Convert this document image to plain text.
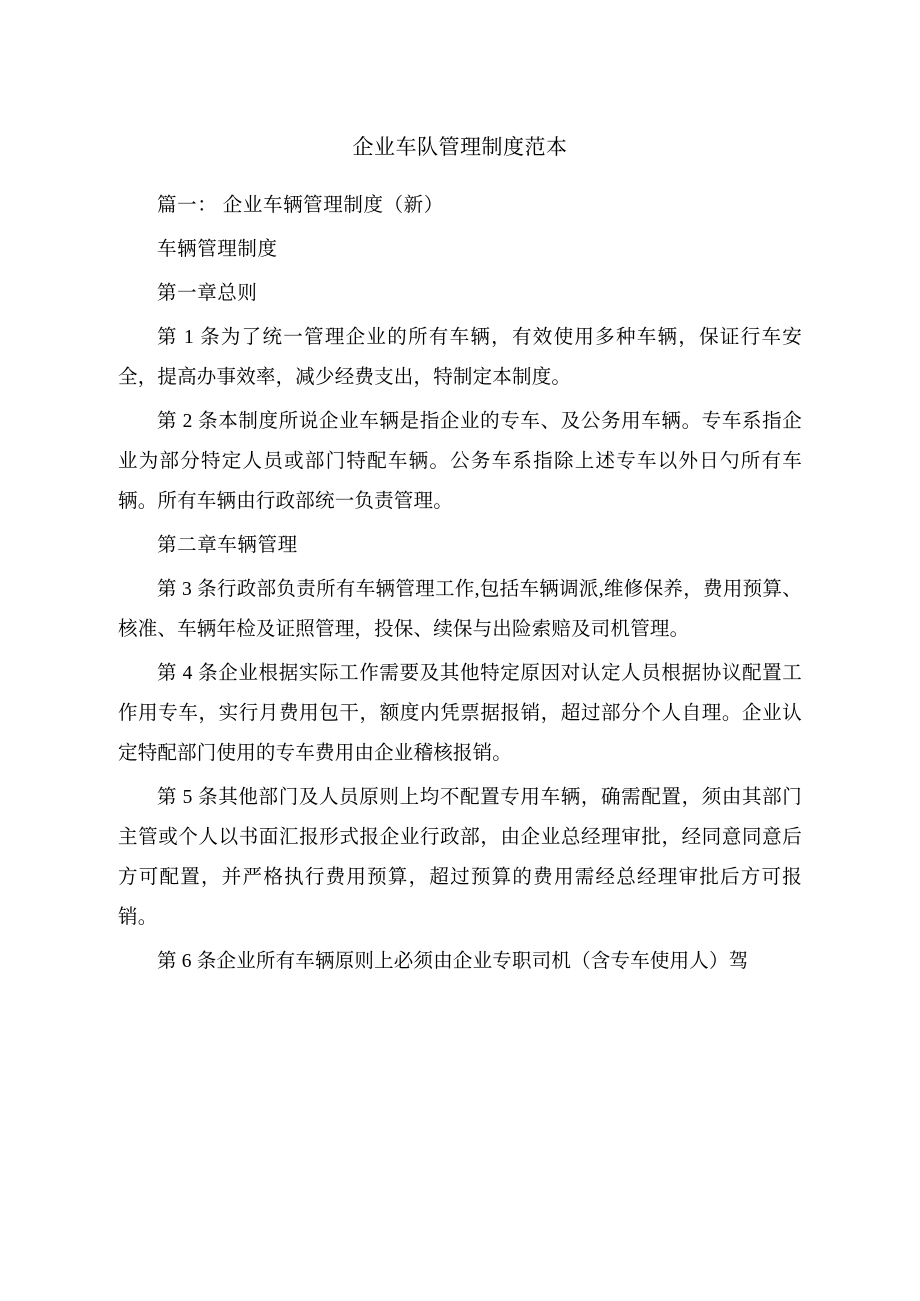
企业车队管理制度范本

篇一： 企业车辆管理制度（新）

车辆管理制度

第一章总则

第 1 条为了统一管理企业的所有车辆，有效使用多种车辆，保证行车安全，提高办事效率，减少经费支出，特制定本制度。

第 2 条本制度所说企业车辆是指企业的专车、及公务用车辆。专车系指企业为部分特定人员或部门特配车辆。公务车系指除上述专车以外日勺所有车辆。所有车辆由行政部统一负责管理。

第二章车辆管理

第 3 条行政部负责所有车辆管理工作,包括车辆调派,维修保养，费用预算、核准、车辆年检及证照管理，投保、续保与出险索赔及司机管理。

第 4 条企业根据实际工作需要及其他特定原因对认定人员根据协议配置工作用专车，实行月费用包干，额度内凭票据报销，超过部分个人自理。企业认定特配部门使用的专车费用由企业稽核报销。

第 5 条其他部门及人员原则上均不配置专用车辆，确需配置，须由其部门主管或个人以书面汇报形式报企业行政部，由企业总经理审批，经同意同意后方可配置，并严格执行费用预算，超过预算的费用需经总经理审批后方可报销。

第 6 条企业所有车辆原则上必须由企业专职司机（含专车使用人）驾
